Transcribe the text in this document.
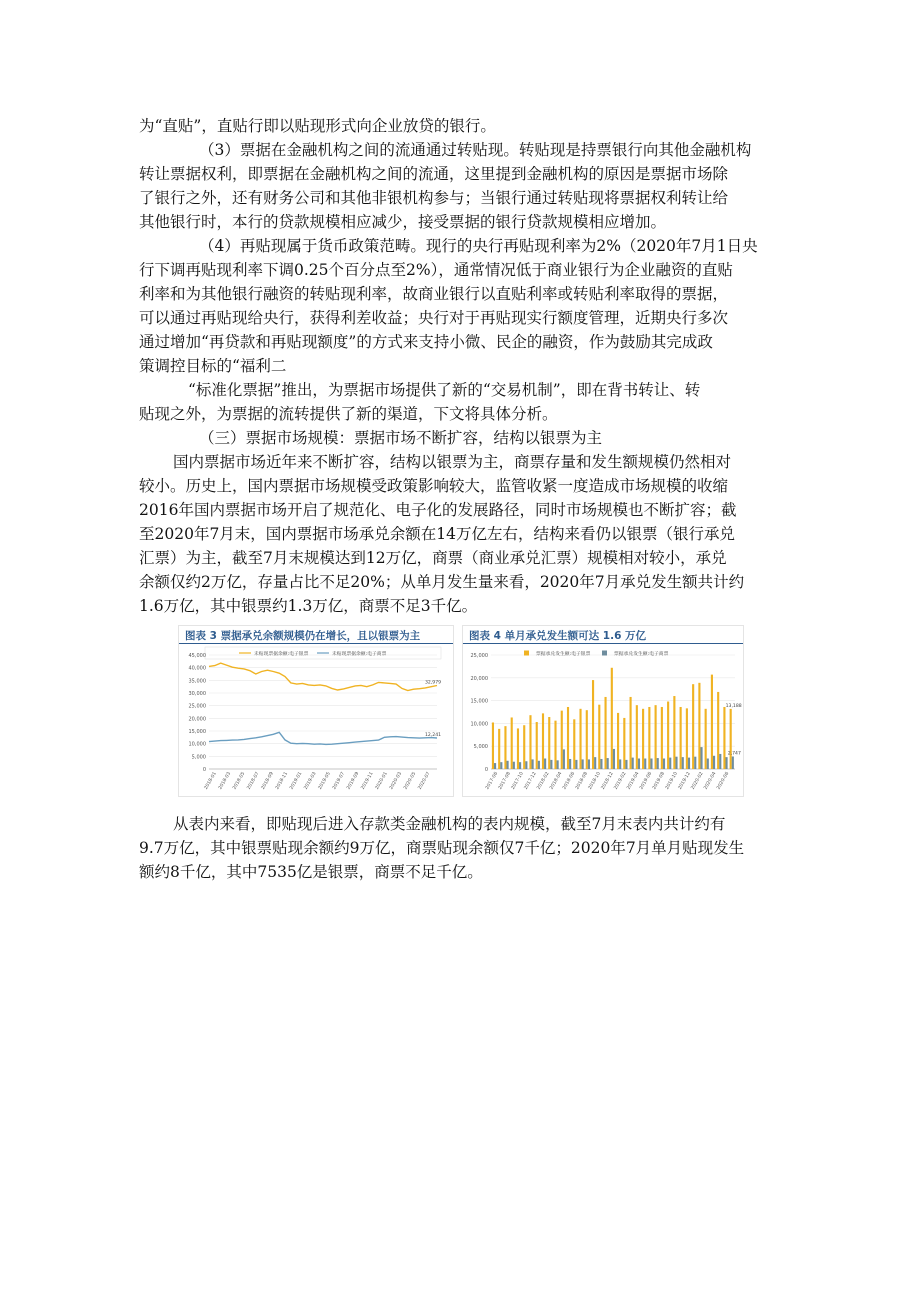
为“直贴”，直贴行即以贴现形式向企业放贷的银行。
（3）票据在金融机构之间的流通通过转贴现。转贴现是持票银行向其他金融机构
转让票据权利，即票据在金融机构之间的流通，这里提到金融机构的原因是票据市场除
了银行之外，还有财务公司和其他非银机构参与；当银行通过转贴现将票据权利转让给
其他银行时，本行的贷款规模相应减少，接受票据的银行贷款规模相应增加。
（4）再贴现属于货币政策范畴。现行的央行再贴现利率为2%（2020年7月1日央
行下调再贴现利率下调0.25个百分点至2%），通常情况低于商业银行为企业融资的直贴
利率和为其他银行融资的转贴现利率，故商业银行以直贴利率或转贴利率取得的票据，
可以通过再贴现给央行，获得利差收益；央行对于再贴现实行额度管理，近期央行多次
通过增加“再贷款和再贴现额度”的方式来支持小微、民企的融资，作为鼓励其完成政
策调控目标的“福利二
“标准化票据”推出，为票据市场提供了新的“交易机制”，即在背书转让、转
贴现之外，为票据的流转提供了新的渠道，下文将具体分析。
（三）票据市场规模：票据市场不断扩容，结构以银票为主
国内票据市场近年来不断扩容，结构以银票为主，商票存量和发生额规模仍然相对
较小。历史上，国内票据市场规模受政策影响较大，监管收紧一度造成市场规模的收缩
2016年国内票据市场开启了规范化、电子化的发展路径，同时市场规模也不断扩容；截
至2020年7月末，国内票据市场承兑余额在14万亿左右，结构来看仍以银票（银行承兑
汇票）为主，截至7月末规模达到12万亿，商票（商业承兑汇票）规模相对较小，承兑
余额仅约2万亿，存量占比不足20%；从单月发生量来看，2020年7月承兑发生额共计约
1.6万亿，其中银票约1.3万亿，商票不足3千亿。
图表 3 票据承兑余额规模仍在增长，且以银票为主
0
5,000
10,000
15,000
20,000
25,000
30,000
35,000
40,000
45,000
2018-01 2018-03 2018-05 2018-07 2018-09 2018-11 2019-01 2019-03 2019-05 2019-07 2019-09 2019-11 2020-01 2020-03 2020-05 2020-07
未贴现票据余额:电子银票	未贴现票据余额:电子商票
32,979
12,241
图表 4 单月承兑发生额可达 1.6 万亿
0
5,000
10,000
15,000
20,000
25,000
2017-06
2017-08
2017-10
2017-12
2018-02
2018-04
2018-06
2018-08
2018-10
2018-12
2019-02
2019-04
2019-06
2019-08
2019-10
2019-12
2020-02
2020-04
2020-06
票据承兑发生额:电子银票	票据承兑发生额:电子商票
13,188
2,747
从表内来看，即贴现后进入存款类金融机构的表内规模，截至7月末表内共计约有
9.7万亿，其中银票贴现余额约9万亿，商票贴现余额仅7千亿；2020年7月单月贴现发生
额约8千亿，其中7535亿是银票，商票不足千亿。
